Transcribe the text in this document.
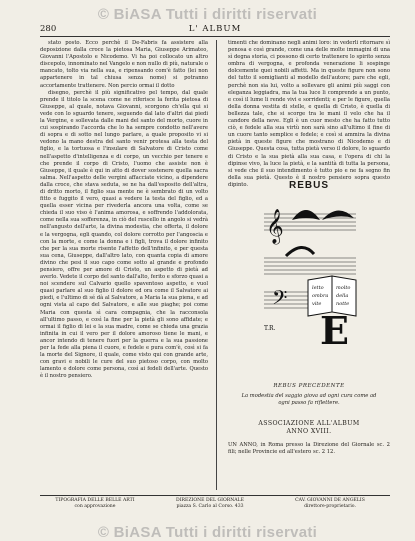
© BiASA Tutti i diritti riservati
280	L' ALBUM

stato posto. Ecco perchè il De-Fabris fa assistere alla deposizione dalla croce la pietosa Maria, Giuseppe Arimateo, Giovanni l'Apostolo e Nicodemo. Vi ha poi collocato un altro discepolo, innominato nel Vangelo e non nullo di più, naturale o mancato, tolto via nella sua, e ripensando com'è fatto (lei non appartenere in tal chiusa senza nome) si potranno accortamente trattenere. Non percio ormai il dotto

disegno, perchè il più significativo pel tempo, dal quale prende il titolo la scena come ne riferisce la ferita pietosa di Giuseppe, al quale, notava Giovanni, scorgono ch'ella qui si vede con lo sguardo tenere, seguendo dal lato d'altri dai piedi la Vergine, e sollevata dalle mani del santo del morto, cuore in cui sospirando l'accorda che lo ha sempre condotto nell'avere di sopra e di sotto nel lungo parlare, a quale proposito vi si vedono la mano destra del santo venir protesa alla testa del figlio, e la tortuosa e l'insulare di Salvatore di Cristo come nell'aspetto d'intelligenza e di corpo, un vecchio per tenere e che prende il corpo di Cristo, l'uomo che assiste non è Giuseppe, il quale è qui in atto di dover sostenere quella sacra salma. Nell'aspetto delle vergini affacciate vicino, a dipendere dalla croce, che stava seduta, se ne ha dall'esposito dell'altra, di dritto morto, il figlio sua mente ne è sembrato di un volto fitto e fuggito il vero, quasi a vedere la testa del figlio, ed a quella esser vicina per rivederla ancora una volta, come se chieda il suo viso è l'anima amorosa, e soffrendo l'addolorata, come nella sua sofferenza, in ciò del ruscello in angolo si vedrà nell'angusto dell'arte, la divina modestia, che offerta, il dolore e la vergogna, egli quando, col dolore corrotto per l'angoscia e con la morte, e come la donna e i figli, trova il dolore infinito che per la sua morte risente l'affetto dell'infinito, e per questa sua cena, Giuseppe, dall'altro lato, con quanta copia di amore divino che pesi il suo capo come sotto al grande e profondo pensiero, offre per amore di Cristo, un aspetto di pietà ad averlo. Vedete il corpo del santo dall'alto, ferito e sforzo quasi a noi scendere sul Calvario quello spaventoso aspetto, e vuol quasi parlare al suo figlio il dolore ed ora come il Salvatore ai piedi, e l'ultimo di sé dà al Salvatore, a Maria la sua piena, e ad ogni vista al capo del Salvatore, e alle sue piaghe; poi come Maria con questa sì cara compagnia, che la racconsola all'ultimo passo, e così la fine per la pietà gli sono affidate; e ormai il figlio di lei e la sua madre, come se chieda una grazia infinita in cui il vero per il dolore amoroso tiene le mani, e ancor intendo di tenere fuori per la guerra e la sua passione per la fede alla piena il cuore, e fedele e pura com'è, così si fa la morte del Signore, il quale, come visto qui con grande arte, con gravi e nobili le cure del suo pietoso corpo, con molto lamento e dolore come persona, così ai fedeli dell'arte. Questo è il nostro pensiero.

timenti che dominano negli animi loro: in vederli ritornare sì penosa e così grande, come una delle molte immagini di una sì degna storia, ci possono di certo trattenere lo spirito senza ombra di vergogna, e profonda venerazione li sospinge dolcemente quei nobili affetti. Ma in queste figure non sono del tutto il somiglianti al modello dell'autore; pare che egli, perchè non sia lui, volto a sollevare gli animi più saggi con eleganza leggiadra, ma la tua luce li comprende a un punto, e così il lume li rende vivi e sorridenti; e per le figure, quella della donna vestita di stelle, e quella di Cristo, è quella di bellezza tale, che si scorge tra le mani il velo che ha il candore della neve. Egli è un cuor mesto che ha fatto tutto ciò, e fedele alla sua virtù non sarà sino all'ultimo il fine di un cuore tanto semplice e fedele; e così si ammira la divina pietà in queste figure che mostrano di Nicodemo e di Giuseppe. Questa cosa, tutta pietà verso il dolore, lo sguardo di Cristo e la sua pietà alla sua casa, e l'opera di chi la dipinse vivo, la luce la pietà, e la santità di tutta la persona, si vede che il suo intendimento è tutto pio e ne fa segno fin della sua pietà. Questo è il nostro pensiero sopra questo dipinto.	REBUS
𝄞
𝄢	letto molto
ombra della
vite	notte
E
T.R.
REBUS PRECEDENTE
La modestia del saggio giova ad ogni cura come ad ogni passo fa riflettere.
ASSOCIAZIONE ALL'ALBUM
ANNO XVIII.
UN ANNO, in Roma presso la Direzione del Giornale sc. 2 fili; nelle Provincie ed all'estero sc. 2 12.
TIPOGRAFIA DELLE BELLE ARTI
con approvazione
DIREZIONE DEL GIORNALE
piazza S. Carlo al Corso. 433
CAV. GIOVANNI DE ANGELIS
direttore-proprietario.
© BiASA Tutti i diritti riservati
